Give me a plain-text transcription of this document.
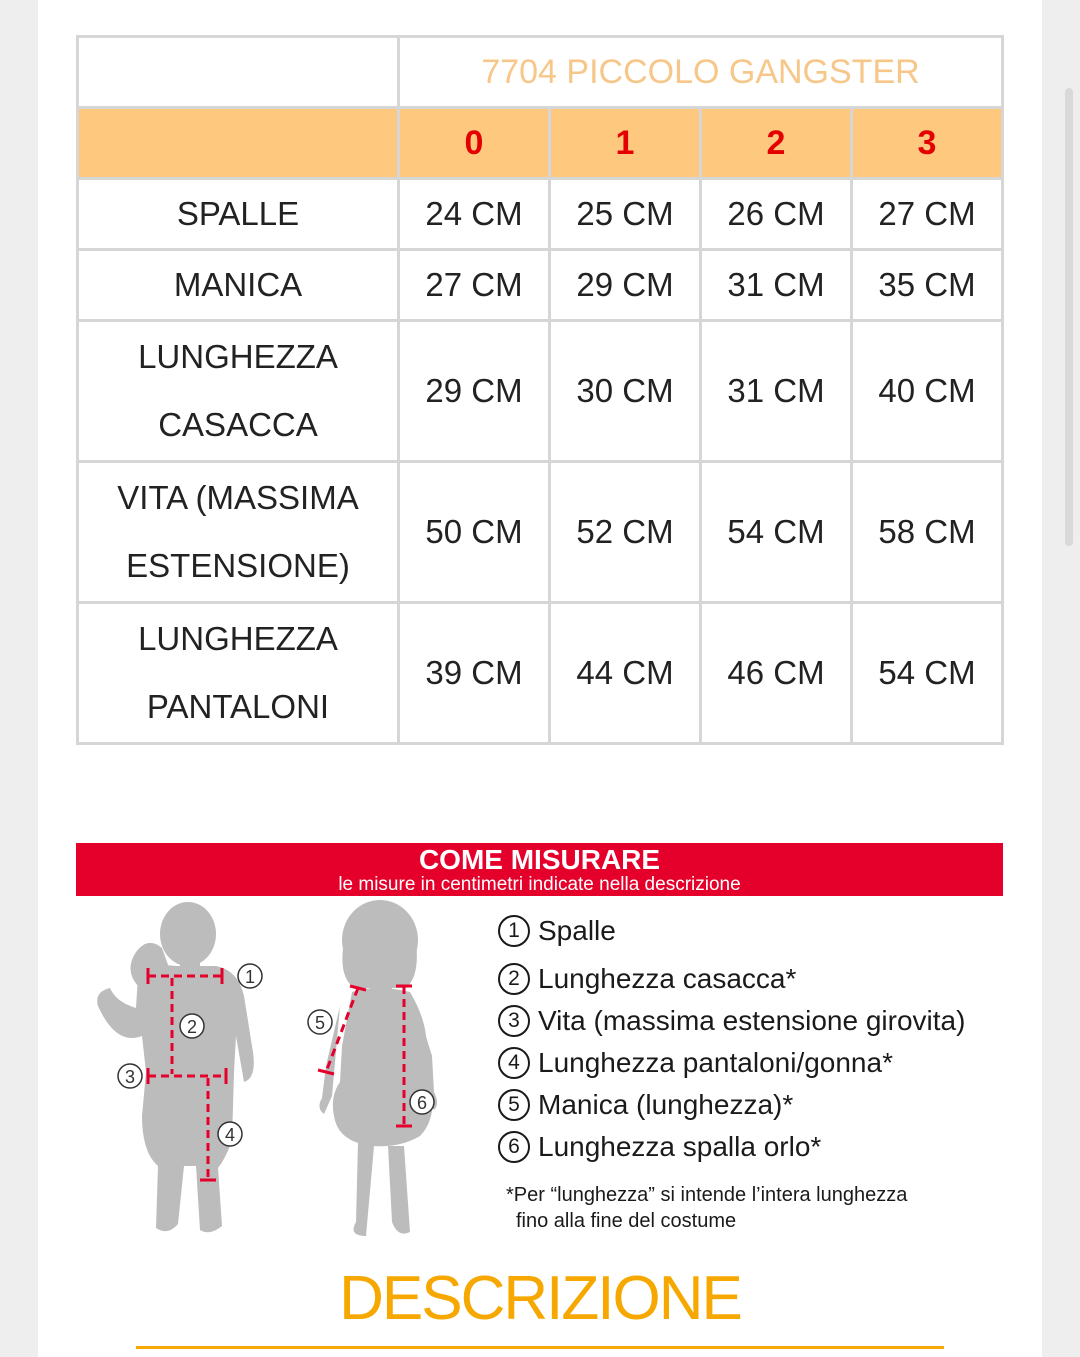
	7704 PICCOLO GANGSTER			
	0	1	2	3
SPALLE	24 CM	25 CM	26 CM	27 CM
MANICA	27 CM	29 CM	31 CM	35 CM
LUNGHEZZA
CASACCA	29 CM	30 CM	31 CM	40 CM
VITA (MASSIMA
ESTENSIONE)	50 CM	52 CM	54 CM	58 CM
LUNGHEZZA
PANTALONI	39 CM	44 CM	46 CM	54 CM
COME MISURARE
le misure in centimetri indicate nella descrizione
1
2
3
4
5
6
1 Spalle
2 Lunghezza casacca*
3 Vita (massima estensione girovita)
4 Lunghezza pantaloni/gonna*
5 Manica (lunghezza)*
6 Lunghezza spalla orlo*
*Per “lunghezza” si intende l’intera lunghezza
fino alla fine del costume
DESCRIZIONE
